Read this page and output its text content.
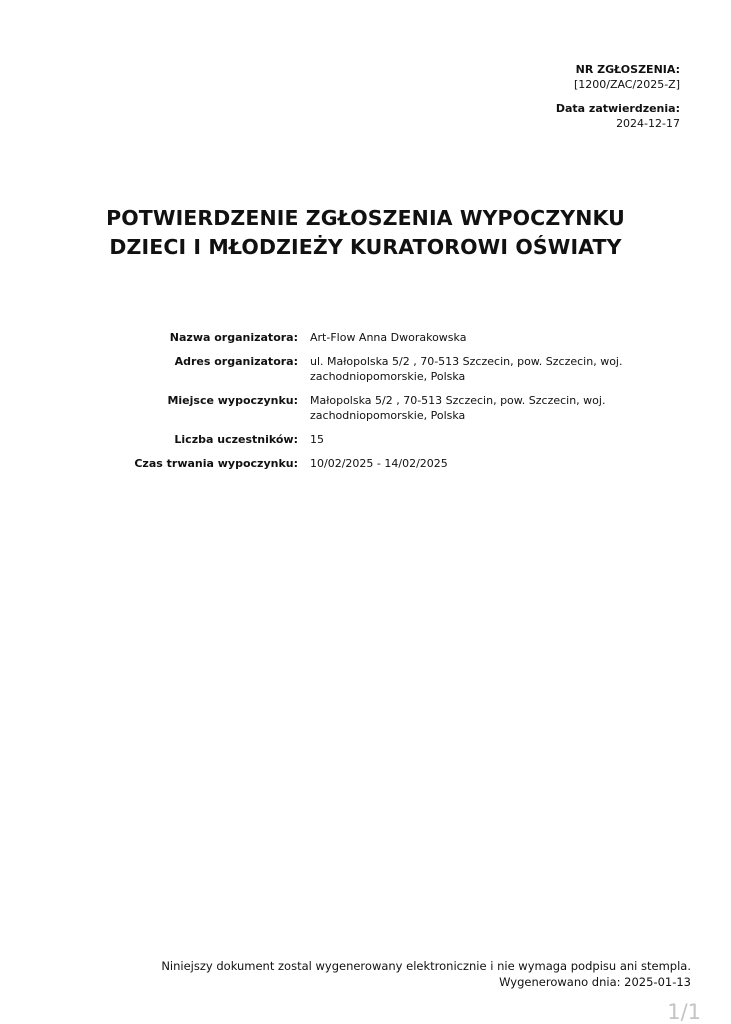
NR ZGŁOSZENIA:
[1200/ZAC/2025-Z]
Data zatwierdzenia:
2024-12-17
POTWIERDZENIE ZGŁOSZENIA WYPOCZYNKU
DZIECI I MŁODZIEŻY KURATOROWI OŚWIATY
Nazwa organizatora: Art-Flow Anna Dworakowska
Adres organizatora: ul. Małopolska 5/2 , 70-513 Szczecin, pow. Szczecin, woj. zachodniopomorskie, Polska
Miejsce wypoczynku: Małopolska 5/2 , 70-513 Szczecin, pow. Szczecin, woj. zachodniopomorskie, Polska
Liczba uczestników: 15
Czas trwania wypoczynku: 10/02/2025 - 14/02/2025
Niniejszy dokument zostal wygenerowany elektronicznie i nie wymaga podpisu ani stempla.
Wygenerowano dnia: 2025-01-13
1/1
